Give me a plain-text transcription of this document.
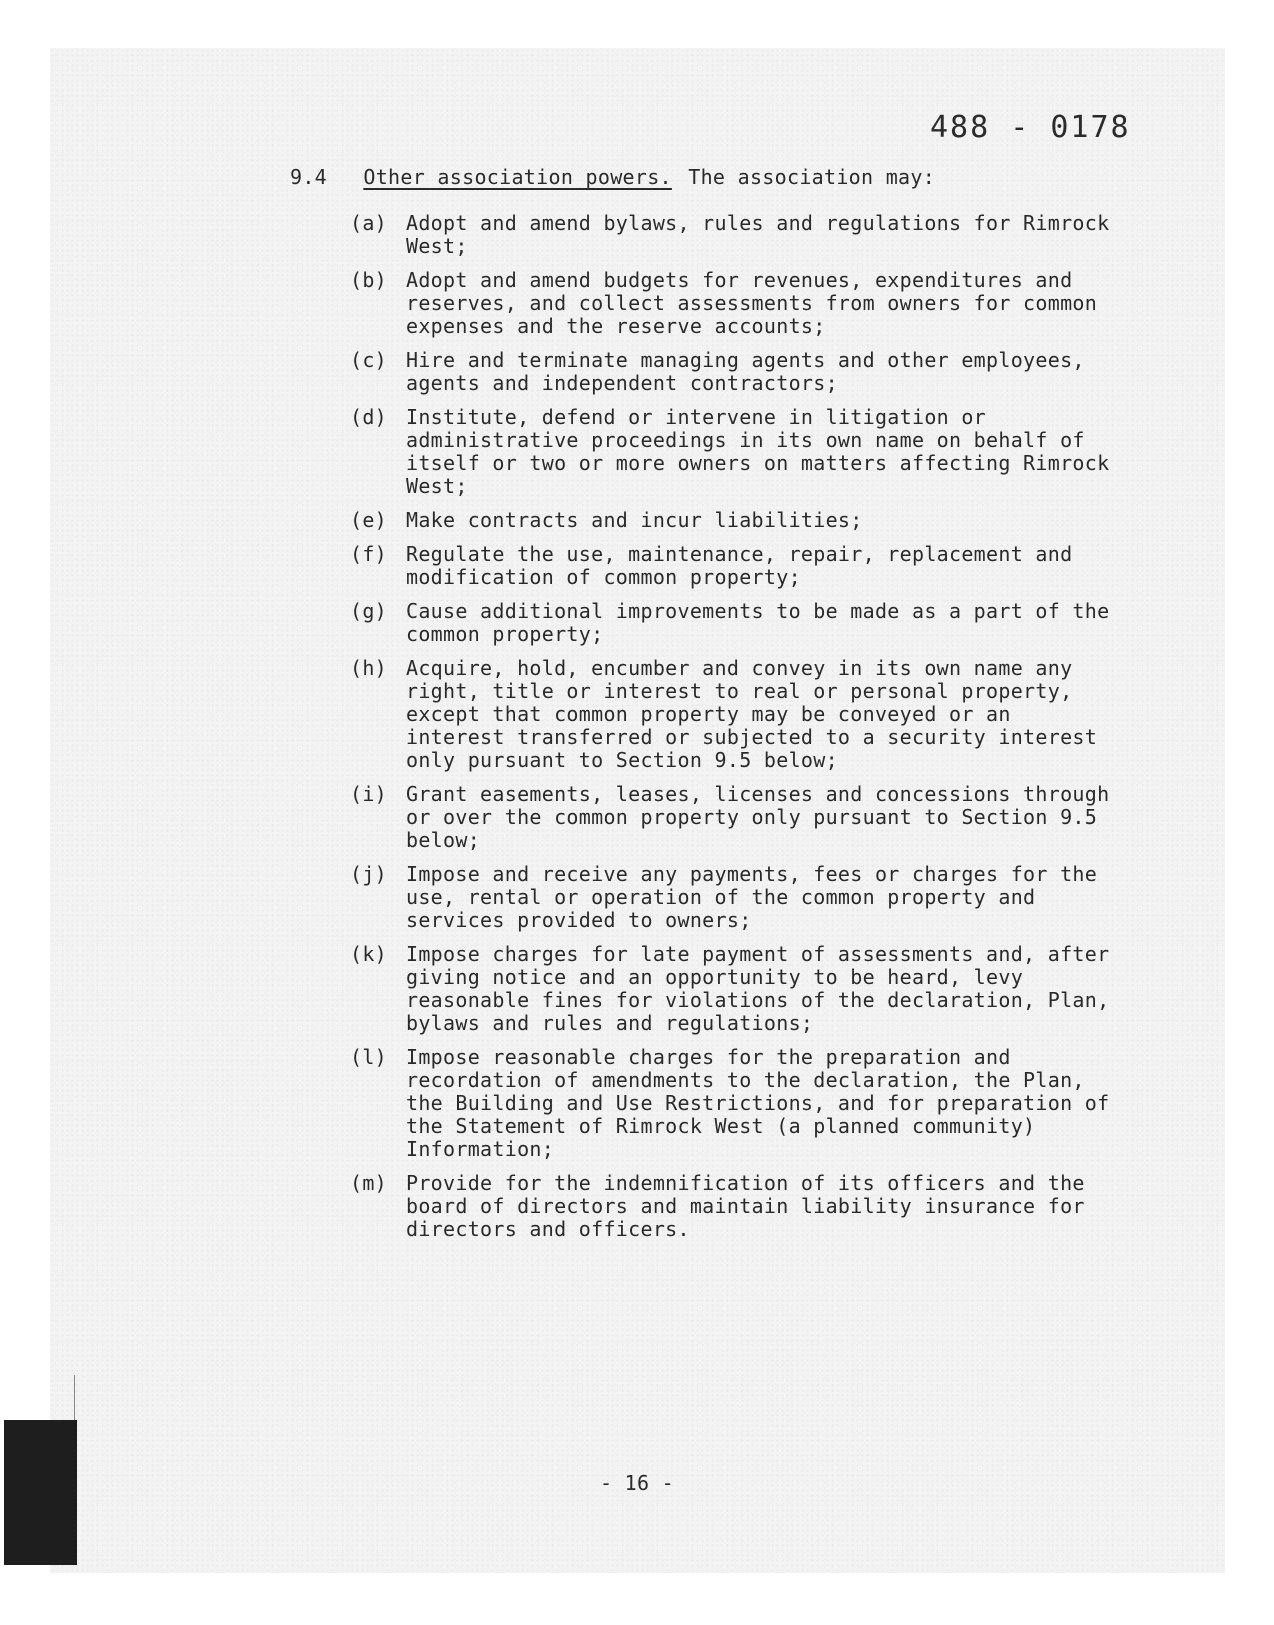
488 - 0178
9.4 Other association powers. The association may:
(a) Adopt and amend bylaws, rules and regulations for Rimrock West;
(b) Adopt and amend budgets for revenues, expenditures and reserves, and collect assessments from owners for common expenses and the reserve accounts;
(c) Hire and terminate managing agents and other employees, agents and independent contractors;
(d) Institute, defend or intervene in litigation or administrative proceedings in its own name on behalf of itself or two or more owners on matters affecting Rimrock West;
(e) Make contracts and incur liabilities;
(f) Regulate the use, maintenance, repair, replacement and modification of common property;
(g) Cause additional improvements to be made as a part of the common property;
(h) Acquire, hold, encumber and convey in its own name any right, title or interest to real or personal property, except that common property may be conveyed or an interest transferred or subjected to a security interest only pursuant to Section 9.5 below;
(i) Grant easements, leases, licenses and concessions through or over the common property only pursuant to Section 9.5 below;
(j) Impose and receive any payments, fees or charges for the use, rental or operation of the common property and services provided to owners;
(k) Impose charges for late payment of assessments and, after giving notice and an opportunity to be heard, levy reasonable fines for violations of the declaration, Plan, bylaws and rules and regulations;
(l) Impose reasonable charges for the preparation and recordation of amendments to the declaration, the Plan, the Building and Use Restrictions, and for preparation of the Statement of Rimrock West (a planned community) Information;
(m) Provide for the indemnification of its officers and the board of directors and maintain liability insurance for directors and officers.
- 16 -
